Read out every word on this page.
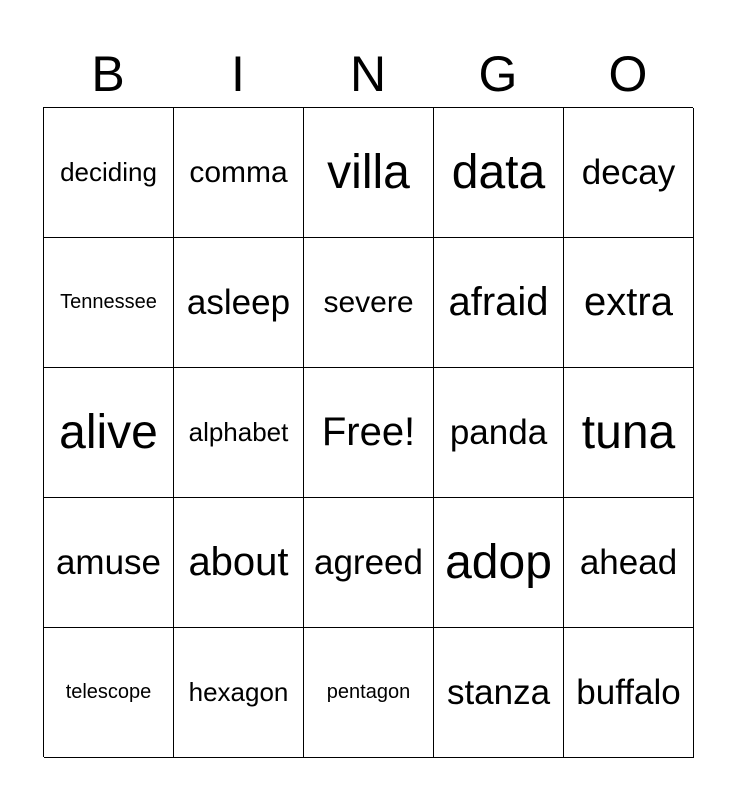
B	I	N	G	O
deciding comma villa data decay
Tennessee asleep severe afraid extra
alive alphabet Free! panda tuna
amuse about agreed adop ahead
telescope hexagon pentagon stanza buffalo
